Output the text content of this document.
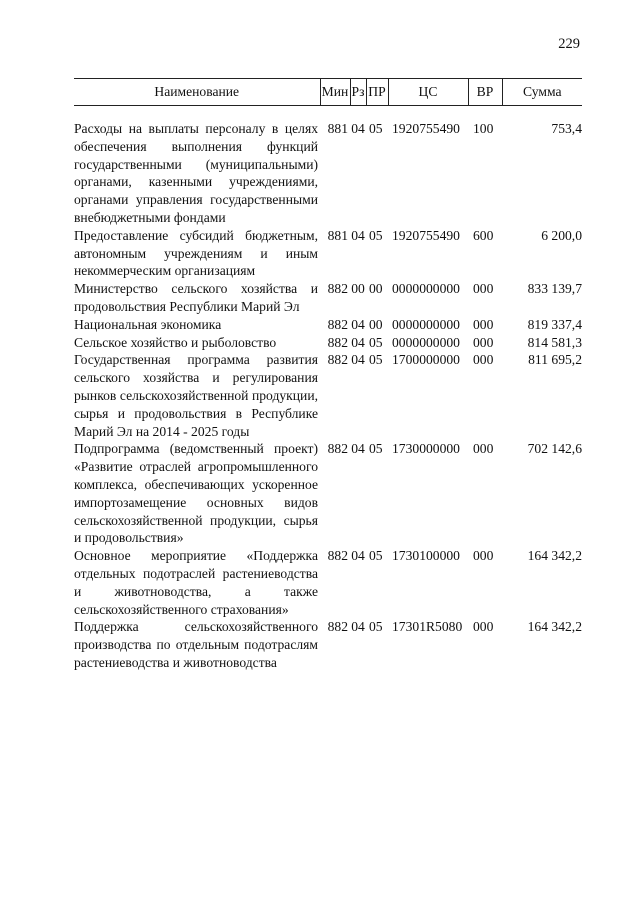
229
Наименование	Мин	Рз	ПР	ЦС	ВР	Сумма

Расходы на выплаты персоналу в целях обеспечения выполнения функций государственными (муниципальными) органами, казенными учреждениями, органами управления государственными внебюджетными фондами	881	04	05	1920755490	100	753,4
Предоставление субсидий бюджетным, автономным учреждениям и иным некоммерческим организациям	881	04	05	1920755490	600	6 200,0
Министерство сельского хозяйства и продовольствия Республики Марий Эл	882	00	00	0000000000	000	833 139,7
Национальная экономика	882	04	00	0000000000	000	819 337,4
Сельское хозяйство и рыболовство	882	04	05	0000000000	000	814 581,3
Государственная программа развития сельского хозяйства и регулирования рынков сельскохозяйственной продукции, сырья и продовольствия в Республике Марий Эл на 2014 - 2025 годы	882	04	05	1700000000	000	811 695,2
Подпрограмма (ведомственный проект) «Развитие отраслей агропромышленного комплекса, обеспечивающих ускоренное импортозамещение основных видов сельскохозяйственной продукции, сырья и продовольствия»	882	04	05	1730000000	000	702 142,6
Основное мероприятие «Поддержка отдельных подотраслей растениеводства и животноводства, а также сельскохозяйственного страхования»	882	04	05	1730100000	000	164 342,2
Поддержка сельскохозяйственного производства по отдельным подотраслям растениеводства и животноводства	882	04	05	17301R5080	000	164 342,2
